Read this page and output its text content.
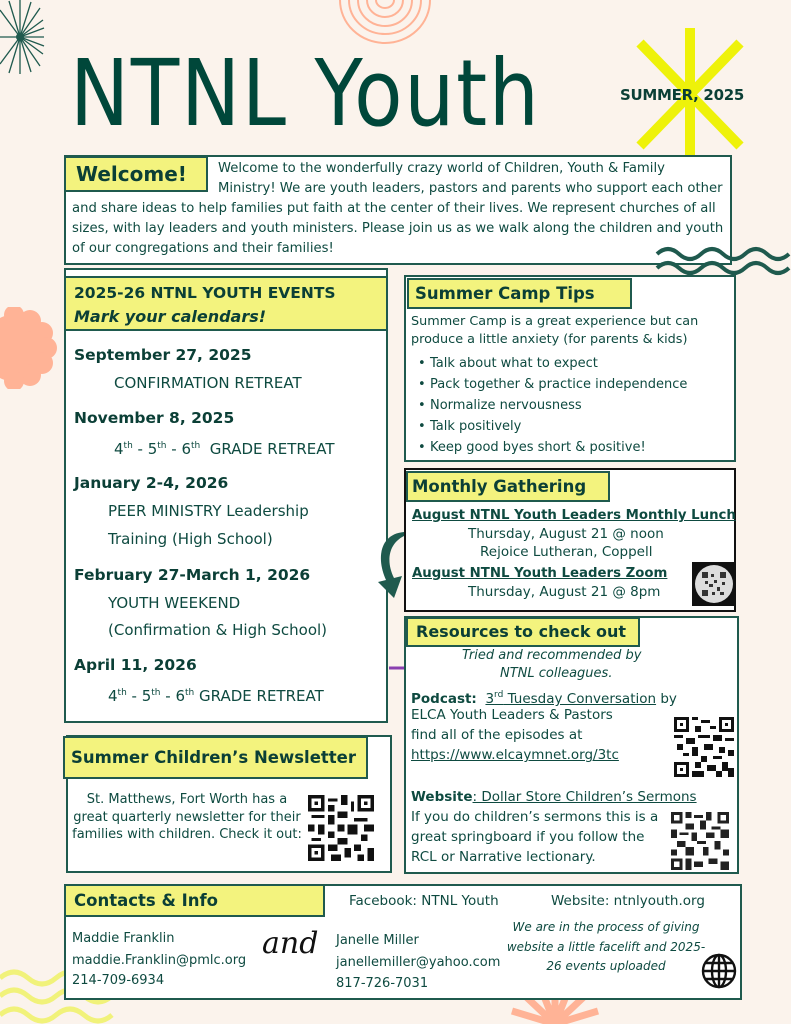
NTNL Youth	SUMMER, 2025
Welcome to the wonderfully crazy world of Children, Youth & Family Ministry! We are youth leaders, pastors and parents who support each other and share ideas to help families put faith at the center of their lives. We represent churches of all sizes, with lay leaders and youth ministers. Please join us as we walk along the children and youth of our congregations and their families!
Welcome!
September 27, 2025
CONFIRMATION RETREAT
November 8, 2025
4th - 5th - 6th GRADE RETREAT
January 2-4, 2026
PEER MINISTRY Leadership
Training (High School)
February 27-March 1, 2026
YOUTH WEEKEND
(Confirmation & High School)
April 11, 2026
4th - 5th - 6th GRADE RETREAT
2025-26 NTNL YOUTH EVENTS
Mark your calendars!	Summer Camp is a great experience but can produce a little anxiety (for parents & kids)
• Talk about what to expect
• Pack together & practice independence
• Normalize nervousness
• Talk positively
• Keep good byes short & positive!
Summer Camp Tips
August NTNL Youth Leaders Monthly Lunch
Thursday, August 21 @ noon
Rejoice Lutheran, Coppell
August NTNL Youth Leaders Zoom
Thursday, August 21 @ 8pm
Monthly Gathering
Tried and recommended by
NTNL colleagues.
Podcast: 3rd Tuesday Conversation by
ELCA Youth Leaders & Pastors
find all of the episodes at
https://www.elcaymnet.org/3tc
Website: Dollar Store Children’s Sermons
If you do children’s sermons this is a
great springboard if you follow the
RCL or Narrative lectionary.
Resources to check out
St. Matthews, Fort Worth has a great quarterly newsletter for their families with children. Check it out:
Summer Children’s Newsletter
Facebook: NTNL Youth	Website: ntnlyouth.org
Maddie Franklin
maddie.Franklin@pmlc.org
214-709-6934
and Janelle Miller
janellemiller@yahoo.com
817-726-7031
We are in the process of giving website a little facelift and 2025-26 events uploaded
Contacts & Info
